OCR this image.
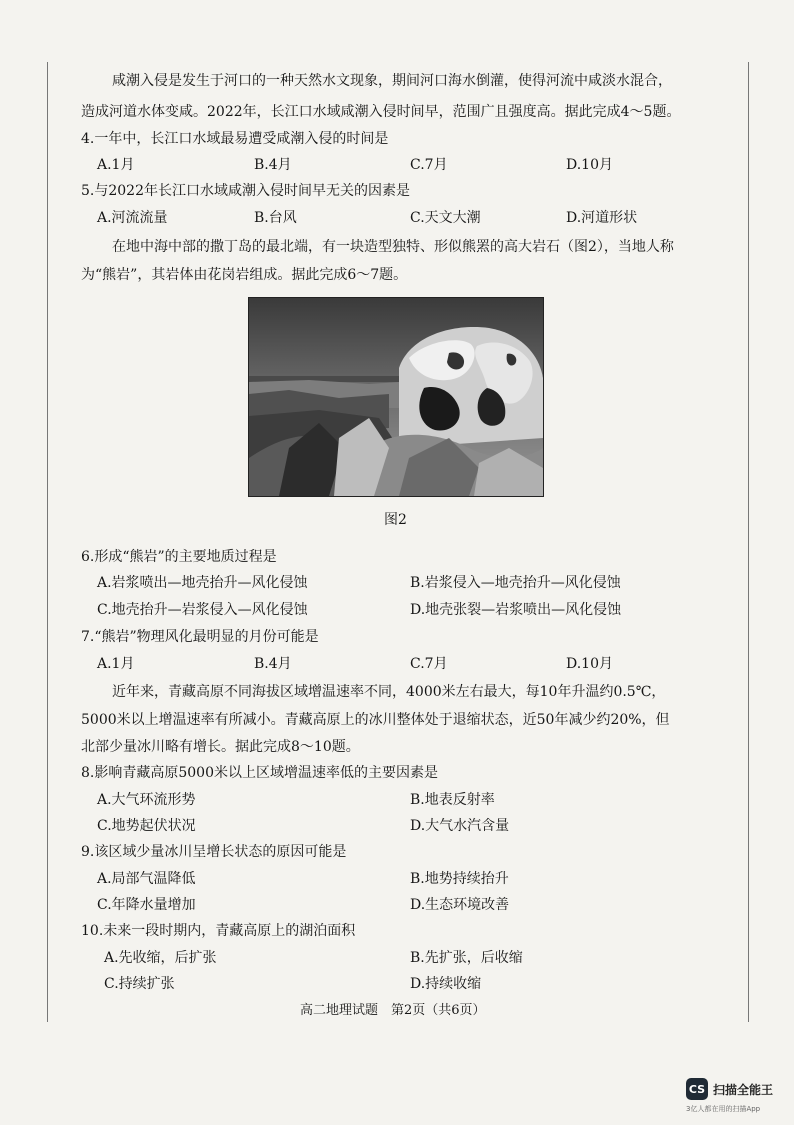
咸潮入侵是发生于河口的一种天然水文现象，期间河口海水倒灌，使得河流中咸淡水混合，
造成河道水体变咸。2022年，长江口水域咸潮入侵时间早，范围广且强度高。据此完成4～5题。
4.一年中，长江口水域最易遭受咸潮入侵的时间是
A.1月	B.4月	C.7月	D.10月
5.与2022年长江口水域咸潮入侵时间早无关的因素是
A.河流流量	B.台风	C.天文大潮	D.河道形状
在地中海中部的撒丁岛的最北端，有一块造型独特、形似熊罴的高大岩石（图2），当地人称
为“熊岩”，其岩体由花岗岩组成。据此完成6～7题。
图2
6.形成“熊岩”的主要地质过程是
A.岩浆喷出—地壳抬升—风化侵蚀	B.岩浆侵入—地壳抬升—风化侵蚀
C.地壳抬升—岩浆侵入—风化侵蚀	D.地壳张裂—岩浆喷出—风化侵蚀
7.“熊岩”物理风化最明显的月份可能是
A.1月	B.4月	C.7月	D.10月
近年来，青藏高原不同海拔区域增温速率不同，4000米左右最大，每10年升温约0.5℃，
5000米以上增温速率有所减小。青藏高原上的冰川整体处于退缩状态，近50年减少约20%，但
北部少量冰川略有增长。据此完成8～10题。
8.影响青藏高原5000米以上区域增温速率低的主要因素是
A.大气环流形势	B.地表反射率
C.地势起伏状况	D.大气水汽含量
9.该区域少量冰川呈增长状态的原因可能是
A.局部气温降低	B.地势持续抬升
C.年降水量增加	D.生态环境改善
10.未来一段时期内，青藏高原上的湖泊面积
A.先收缩，后扩张	B.先扩张，后收缩
C.持续扩张	D.持续收缩
高二地理试题　第2页（共6页）
CS 扫描全能王
3亿人都在用的扫描App
